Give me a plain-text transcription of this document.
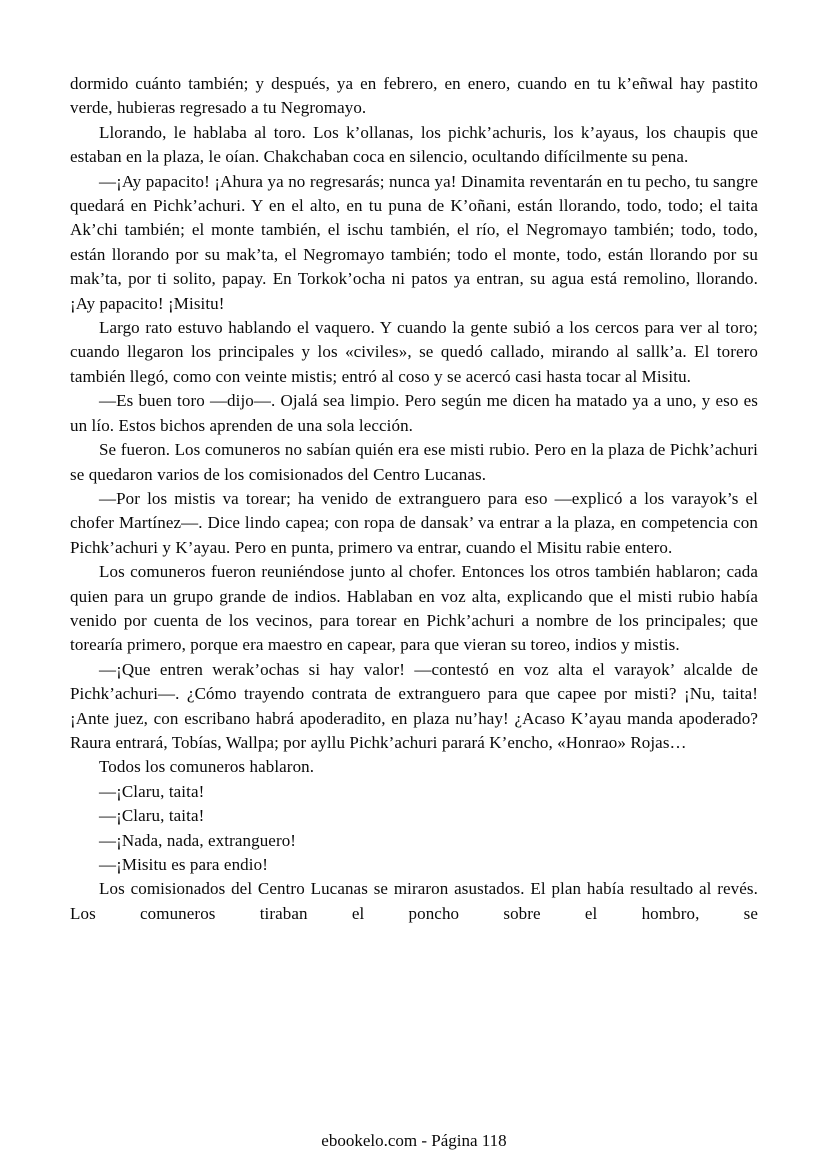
dormido cuánto también; y después, ya en febrero, en enero, cuando en tu k’eñwal hay pastito verde, hubieras regresado a tu Negromayo.

Llorando, le hablaba al toro. Los k’ollanas, los pichk’achuris, los k’ayaus, los chaupis que estaban en la plaza, le oían. Chakchaban coca en silencio, ocultando difícilmente su pena.

—¡Ay papacito! ¡Ahura ya no regresarás; nunca ya! Dinamita reventarán en tu pecho, tu sangre quedará en Pichk’achuri. Y en el alto, en tu puna de K’oñani, están llorando, todo, todo; el taita Ak’chi también; el monte también, el ischu también, el río, el Negromayo también; todo, todo, están llorando por su mak’ta, el Negromayo también; todo el monte, todo, están llorando por su mak’ta, por ti solito, papay. En Torkok’ocha ni patos ya entran, su agua está remolino, llorando. ¡Ay papacito! ¡Misitu!

Largo rato estuvo hablando el vaquero. Y cuando la gente subió a los cercos para ver al toro; cuando llegaron los principales y los «civiles», se quedó callado, mirando al sallk’a. El torero también llegó, como con veinte mistis; entró al coso y se acercó casi hasta tocar al Misitu.

—Es buen toro —dijo—. Ojalá sea limpio. Pero según me dicen ha matado ya a uno, y eso es un lío. Estos bichos aprenden de una sola lección.

Se fueron. Los comuneros no sabían quién era ese misti rubio. Pero en la plaza de Pichk’achuri se quedaron varios de los comisionados del Centro Lucanas.

—Por los mistis va torear; ha venido de extranguero para eso —explicó a los varayok’s el chofer Martínez—. Dice lindo capea; con ropa de dansak’ va entrar a la plaza, en competencia con Pichk’achuri y K’ayau. Pero en punta, primero va entrar, cuando el Misitu rabie entero.

Los comuneros fueron reuniéndose junto al chofer. Entonces los otros también hablaron; cada quien para un grupo grande de indios. Hablaban en voz alta, explicando que el misti rubio había venido por cuenta de los vecinos, para torear en Pichk’achuri a nombre de los principales; que torearía primero, porque era maestro en capear, para que vieran su toreo, indios y mistis.

—¡Que entren werak’ochas si hay valor! —contestó en voz alta el varayok’ alcalde de Pichk’achuri—. ¿Cómo trayendo contrata de extranguero para que capee por misti? ¡Nu, taita! ¡Ante juez, con escribano habrá apoderadito, en plaza nu’hay! ¿Acaso K’ayau manda apoderado? Raura entrará, Tobías, Wallpa; por ayllu Pichk’achuri parará K’encho, «Honrao» Rojas…

Todos los comuneros hablaron.

—¡Claru, taita!

—¡Claru, taita!

—¡Nada, nada, extranguero!

—¡Misitu es para endio!

Los comisionados del Centro Lucanas se miraron asustados. El plan había resultado al revés. Los comuneros tiraban el poncho sobre el hombro, se

ebookelo.com - Página 118
